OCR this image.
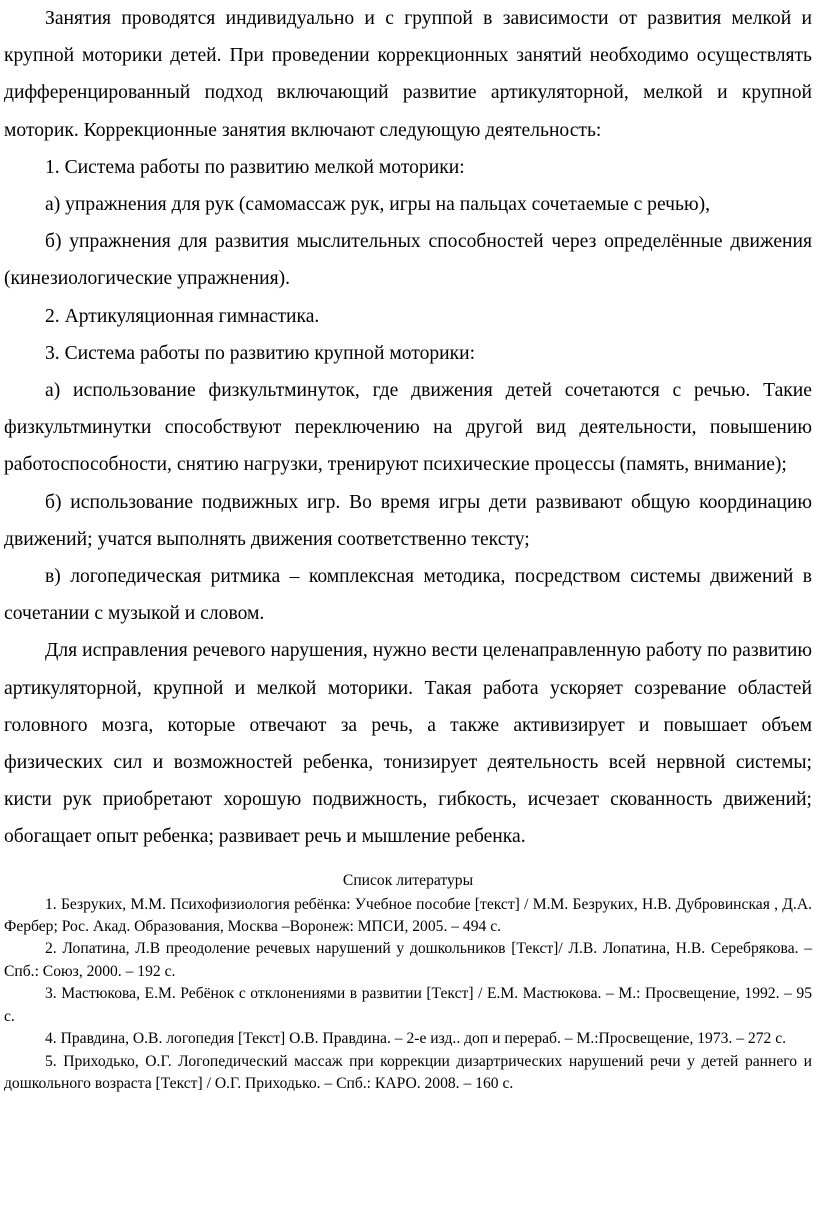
Занятия проводятся индивидуально и с группой в зависимости от развития мелкой и крупной моторики детей. При проведении коррекционных занятий необходимо осуществлять дифференцированный подход включающий развитие артикуляторной, мелкой и крупной моторик. Коррекционные занятия включают следующую деятельность:

1. Система работы по развитию мелкой моторики:

а) упражнения для рук (самомассаж рук, игры на пальцах сочетаемые с речью),

б) упражнения для развития мыслительных способностей через определённые движения (кинезиологические упражнения).

2. Артикуляционная гимнастика.

3. Система работы по развитию крупной моторики:

а) использование физкультминуток, где движения детей сочетаются с речью. Такие физкультминутки способствуют переключению на другой вид деятельности, повышению работоспособности, снятию нагрузки, тренируют психические процессы (память, внимание);

б) использование подвижных игр. Во время игры дети развивают общую координацию движений; учатся выполнять движения соответственно тексту;

в) логопедическая ритмика – комплексная методика, посредством системы движений в сочетании с музыкой и словом.

Для исправления речевого нарушения, нужно вести целенаправленную работу по развитию артикуляторной, крупной и мелкой моторики. Такая работа ускоряет созревание областей головного мозга, которые отвечают за речь, а также активизирует и повышает объем физических сил и возможностей ребенка, тонизирует деятельность всей нервной системы; кисти рук приобретают хорошую подвижность, гибкость, исчезает скованность движений; обогащает опыт ребенка; развивает речь и мышление ребенка.

Список литературы
1. Безруких, М.М. Психофизиология ребёнка: Учебное пособие [текст] / М.М. Безруких, Н.В. Дубровинская , Д.А. Фербер; Рос. Акад. Образования, Москва –Воронеж: МПСИ, 2005. – 494 с.
2. Лопатина, Л.В преодоление речевых нарушений у дошкольников [Текст]/ Л.В. Лопатина, Н.В. Серебрякова. – Спб.: Союз, 2000. – 192 с.
3. Мастюкова, Е.М. Ребёнок с отклонениями в развитии [Текст] / Е.М. Мастюкова. – М.: Просвещение, 1992. – 95 с.
4. Правдина, О.В. логопедия [Текст] О.В. Правдина. – 2-е изд.. доп и перераб. – М.:Просвещение, 1973. – 272 с.
5. Приходько, О.Г. Логопедический массаж при коррекции дизартрических нарушений речи у детей раннего и дошкольного возраста [Текст] / О.Г. Приходько. – Спб.: КАРО. 2008. – 160 с.
